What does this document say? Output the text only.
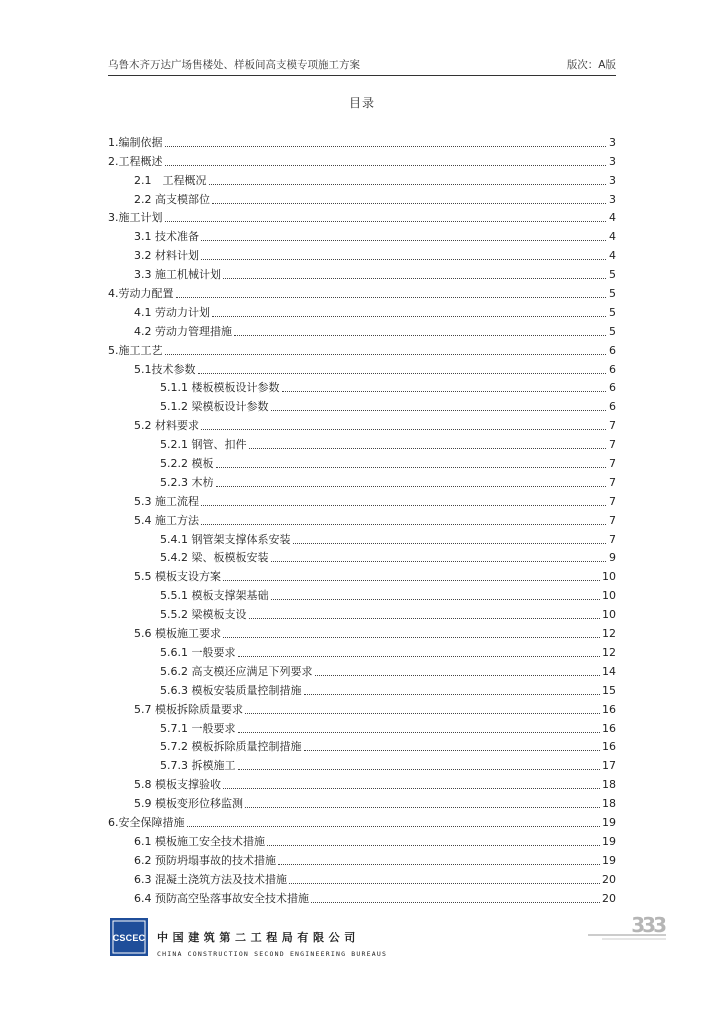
乌鲁木齐万达广场售楼处、样板间高支模专项施工方案	版次：A版
目录
1.编制依据	3
2.工程概述	3
2.1　工程概况	3
2.2 高支模部位	3
3.施工计划	4
3.1 技术准备	4
3.2 材料计划	4
3.3 施工机械计划	5
4.劳动力配置	5
4.1 劳动力计划	5
4.2 劳动力管理措施	5
5.施工工艺	6
5.1技术参数	6
5.1.1 楼板模板设计参数	6
5.1.2 梁模板设计参数	6
5.2 材料要求	7
5.2.1 钢管、扣件	7
5.2.2 模板	7
5.2.3 木枋	7
5.3 施工流程	7
5.4 施工方法	7
5.4.1 钢管架支撑体系安装	7
5.4.2 梁、板模板安装	9
5.5 模板支设方案	10
5.5.1 模板支撑架基础	10
5.5.2 梁模板支设	10
5.6 模板施工要求	12
5.6.1 一般要求	12
5.6.2 高支模还应满足下列要求	14
5.6.3 模板安装质量控制措施	15
5.7 模板拆除质量要求	16
5.7.1 一般要求	16
5.7.2 模板拆除质量控制措施	16
5.7.3 拆模施工	17
5.8 模板支撑验收	18
5.9 模板变形位移监测	18
6.安全保障措施	19
6.1 模板施工安全技术措施	19
6.2 预防坍塌事故的技术措施	19
6.3 混凝土浇筑方法及技术措施	20
6.4 预防高空坠落事故安全技术措施	20
CSCEC 中国建筑第二工程局有限公司
CHINA CONSTRUCTION SECOND ENGINEERING BUREAUS
333
